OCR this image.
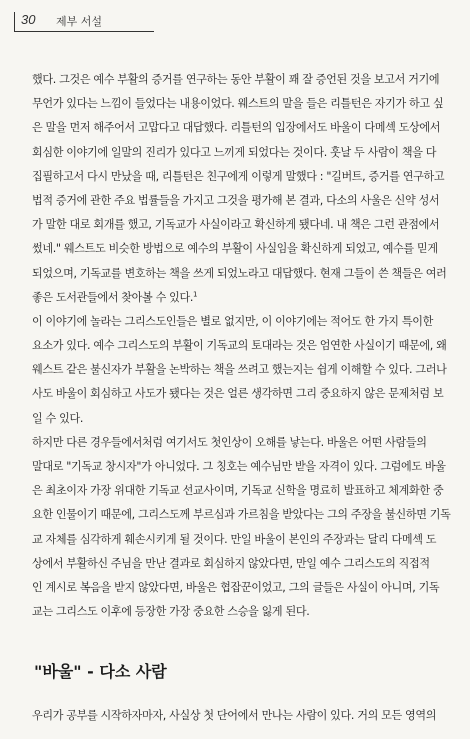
30 제부 서설
했다. 그것은 예수 부활의 증거를 연구하는 동안 부활이 꽤 잘 증언된 것을 보고서 거기에
무언가 있다는 느낌이 들었다는 내용이었다. 웨스트의 말을 들은 리틀턴은 자기가 하고 싶
은 말을 먼저 해주어서 고맙다고 대답했다. 리틀턴의 입장에서도 바울이 다메섹 도상에서
회심한 이야기에 일말의 진리가 있다고 느끼게 되었다는 것이다. 훗날 두 사람이 책을 다
집필하고서 다시 만났을 때, 리틀턴은 친구에게 이렇게 말했다 : "길버트, 증거를 연구하고
법적 증거에 관한 주요 법률들을 가지고 그것을 평가해 본 결과, 다소의 사울은 신약 성서
가 말한 대로 회개를 했고, 기독교가 사실이라고 확신하게 됐다네. 내 책은 그런 관점에서
썼네." 웨스트도 비슷한 방법으로 예수의 부활이 사실임을 확신하게 되었고, 예수를 믿게
되었으며, 기독교를 변호하는 책을 쓰게 되었노라고 대답했다. 현재 그들이 쓴 책들은 여러
좋은 도서관들에서 찾아볼 수 있다.$^1$
이 이야기에 놀라는 그리스도인들은 별로 없지만, 이 이야기에는 적어도 한 가지 특이한
요소가 있다. 예수 그리스도의 부활이 기독교의 토대라는 것은 엄연한 사실이기 때문에, 왜
웨스트 같은 불신자가 부활을 논박하는 책을 쓰려고 했는지는 쉽게 이해할 수 있다. 그러나
사도 바울이 회심하고 사도가 됐다는 것은 얼른 생각하면 그리 중요하지 않은 문제처럼 보
일 수 있다.
하지만 다른 경우들에서처럼 여기서도 첫인상이 오해를 낳는다. 바울은 어떤 사람들의
말대로 "기독교 창시자"가 아니었다. 그 칭호는 예수님만 받을 자격이 있다. 그럼에도 바울
은 최초이자 가장 위대한 기독교 선교사이며, 기독교 신학을 명료히 발표하고 체계화한 중
요한 인물이기 때문에, 그리스도께 부르심과 가르침을 받았다는 그의 주장을 불신하면 기독
교 자체를 심각하게 훼손시키게 될 것이다. 만일 바울이 본인의 주장과는 달리 다메섹 도
상에서 부활하신 주님을 만난 결과로 회심하지 않았다면, 만일 예수 그리스도의 직접적
인 계시로 복음을 받지 않았다면, 바울은 협잡꾼이었고, 그의 글들은 사실이 아니며, 기독
교는 그리스도 이후에 등장한 가장 중요한 스승을 잃게 된다.
"바울" - 다소 사람
우리가 공부를 시작하자마자, 사실상 첫 단어에서 만나는 사람이 있다. 거의 모든 영역의
